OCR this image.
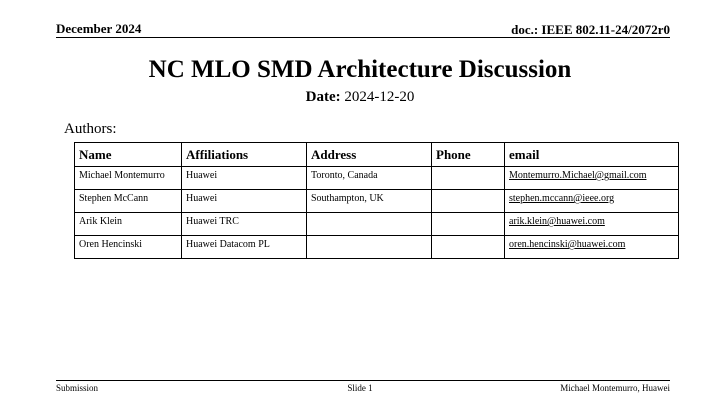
December 2024	doc.: IEEE 802.11-24/2072r0
NC MLO SMD Architecture Discussion
Date: 2024-12-20
Authors:
Name	Affiliations	Address	Phone	email
Michael Montemurro	Huawei	Toronto, Canada		Montemurro.Michael@gmail.com
Stephen McCann	Huawei	Southampton, UK		stephen.mccann@ieee.org
Arik Klein	Huawei TRC			arik.klein@huawei.com
Oren Hencinski	Huawei Datacom PL			oren.hencinski@huawei.com
Submission	Slide 1	Michael Montemurro, Huawei
